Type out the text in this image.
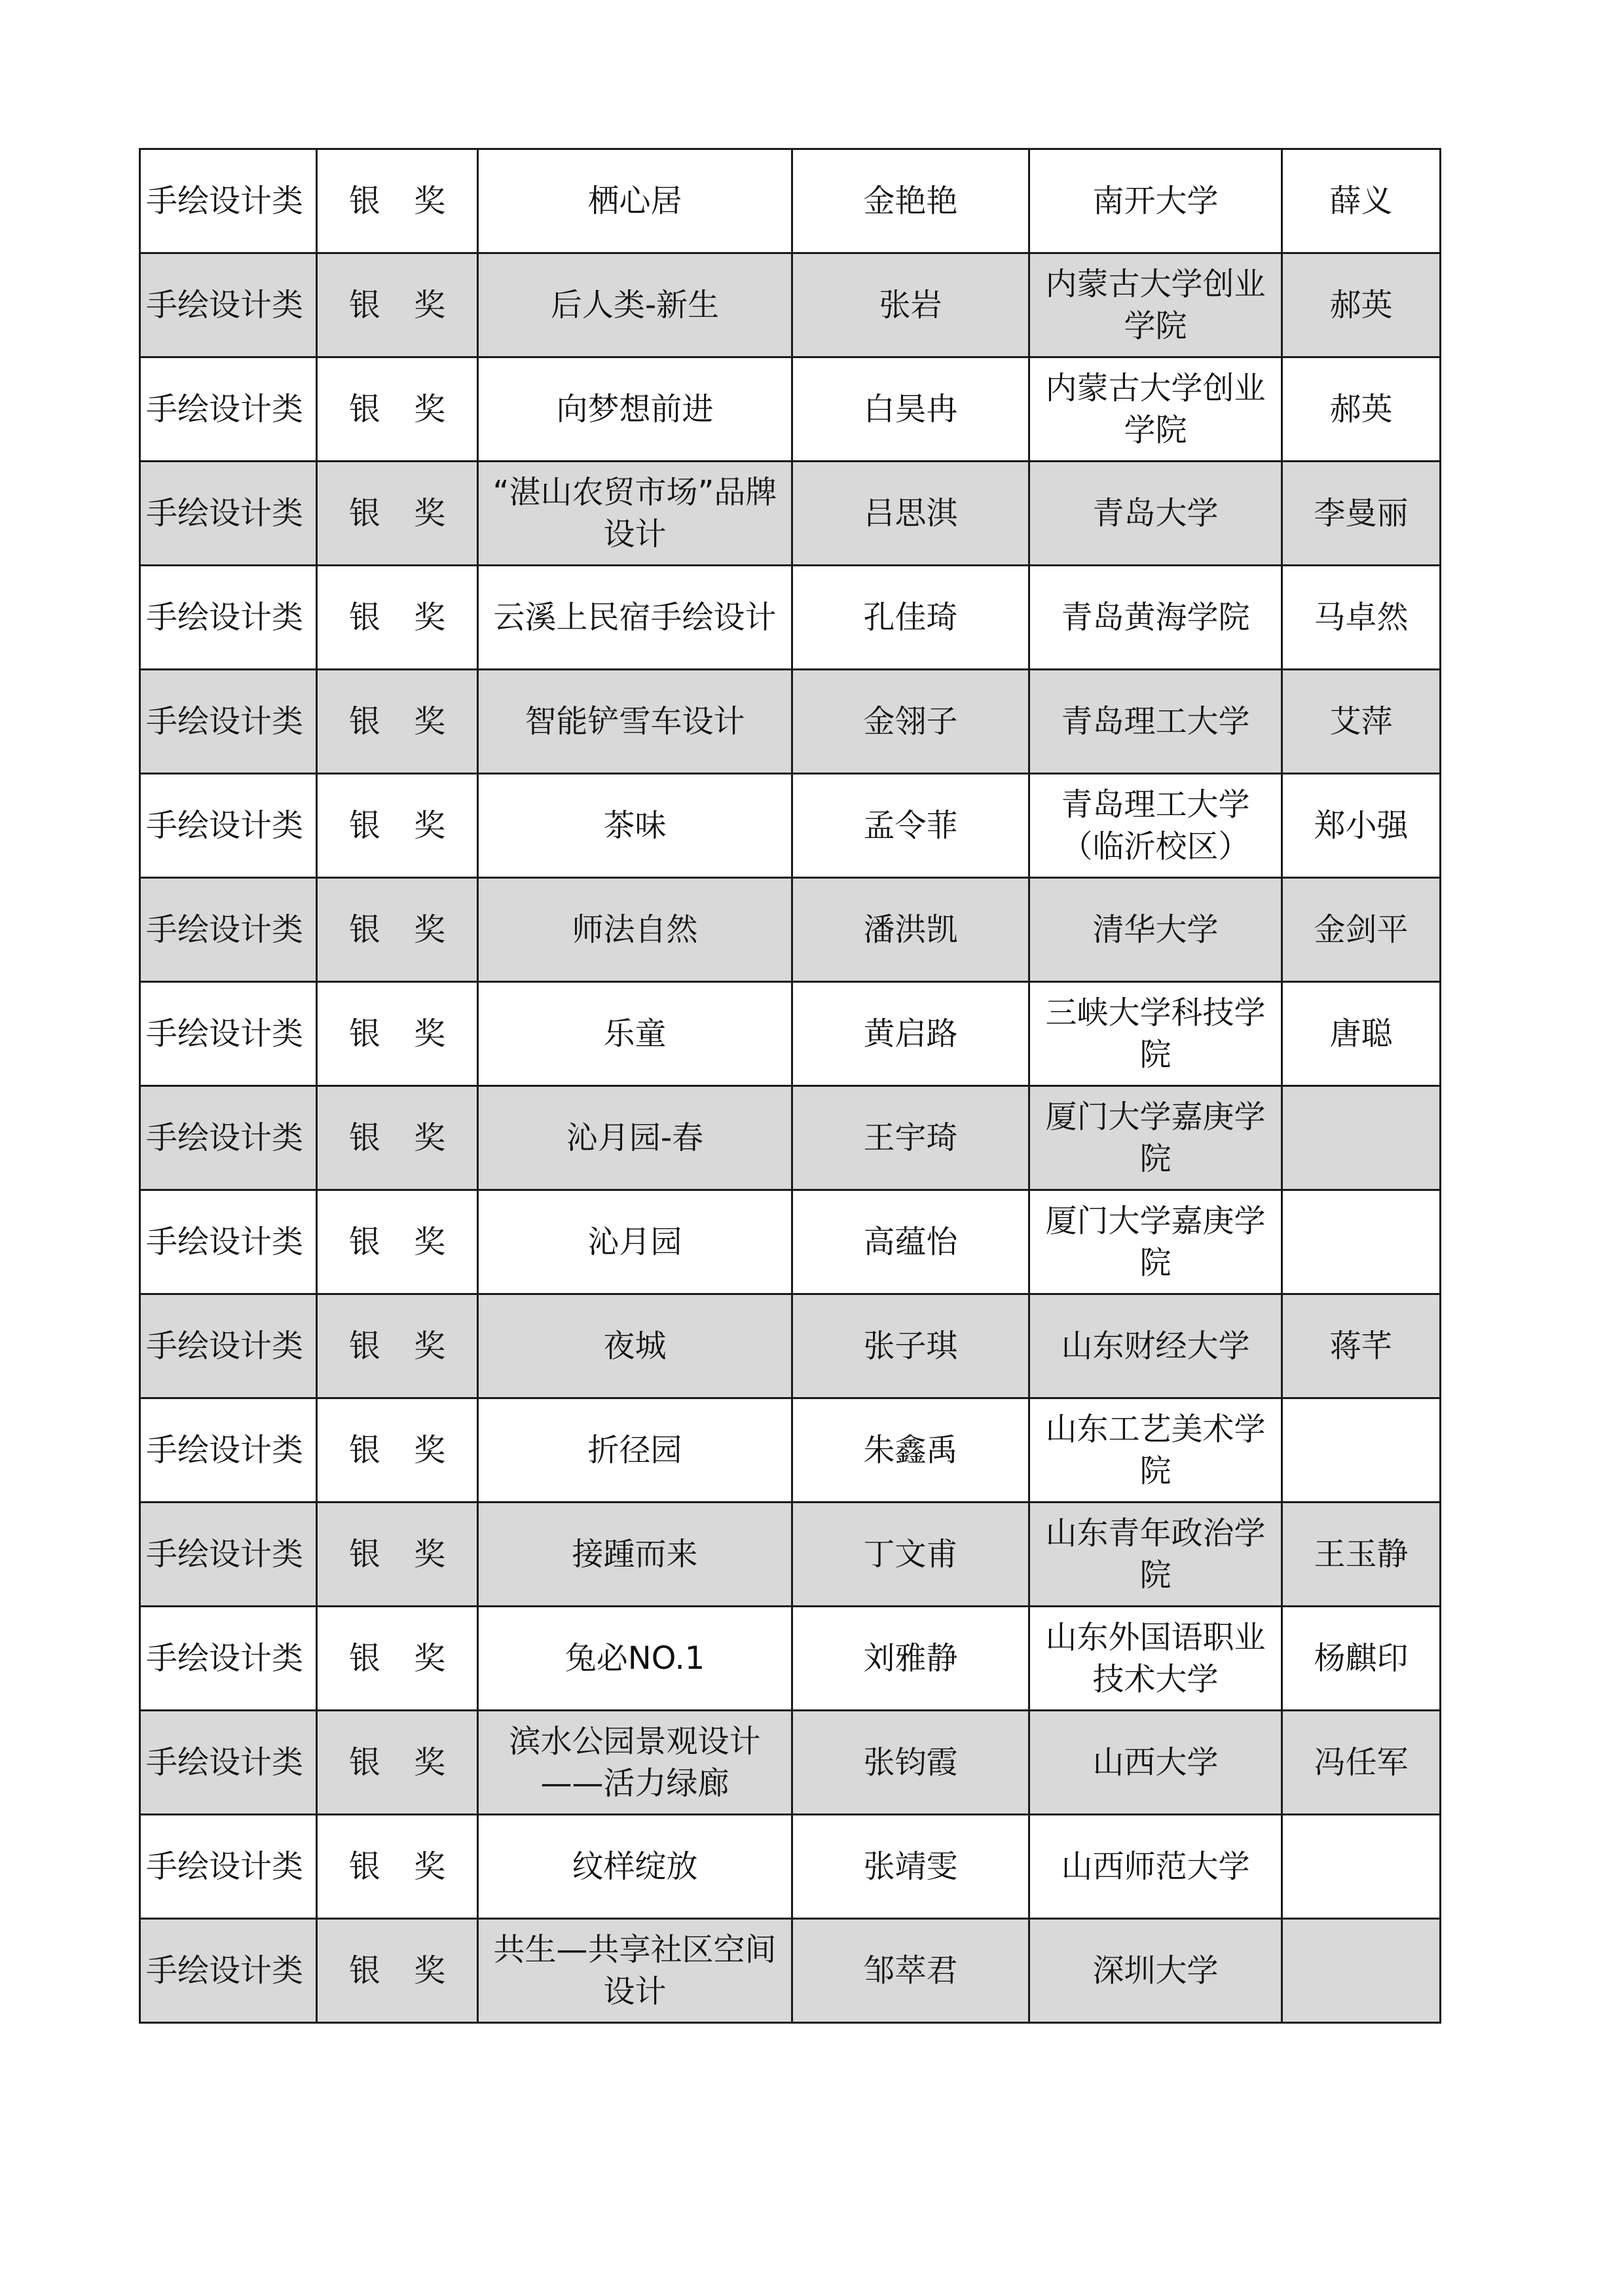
手绘设计类	银 奖	栖心居	金艳艳	南开大学	薛义
手绘设计类	银 奖	后人类-新生	张岩	内蒙古大学创业学院	郝英
手绘设计类	银 奖	向梦想前进	白昊冉	内蒙古大学创业学院	郝英
手绘设计类	银 奖	“湛山农贸市场”品牌设计	吕思淇	青岛大学	李曼丽
手绘设计类	银 奖	云溪上民宿手绘设计	孔佳琦	青岛黄海学院	马卓然
手绘设计类	银 奖	智能铲雪车设计	金翎子	青岛理工大学	艾萍
手绘设计类	银 奖	茶味	孟令菲	青岛理工大学（临沂校区）	郑小强
手绘设计类	银 奖	师法自然	潘洪凯	清华大学	金剑平
手绘设计类	银 奖	乐童	黄启路	三峡大学科技学院	唐聪
手绘设计类	银 奖	沁月园-春	王宇琦	厦门大学嘉庚学院	
手绘设计类	银 奖	沁月园	高蕴怡	厦门大学嘉庚学院	
手绘设计类	银 奖	夜城	张子琪	山东财经大学	蒋芊
手绘设计类	银 奖	折径园	朱鑫禹	山东工艺美术学院	
手绘设计类	银 奖	接踵而来	丁文甫	山东青年政治学院	王玉静
手绘设计类	银 奖	兔必NO.1	刘雅静	山东外国语职业技术大学	杨麒印
手绘设计类	银 奖	滨水公园景观设计——活力绿廊	张钧霞	山西大学	冯任军
手绘设计类	银 奖	纹样绽放	张靖雯	山西师范大学	
手绘设计类	银 奖	共生—共享社区空间设计	邹萃君	深圳大学	
